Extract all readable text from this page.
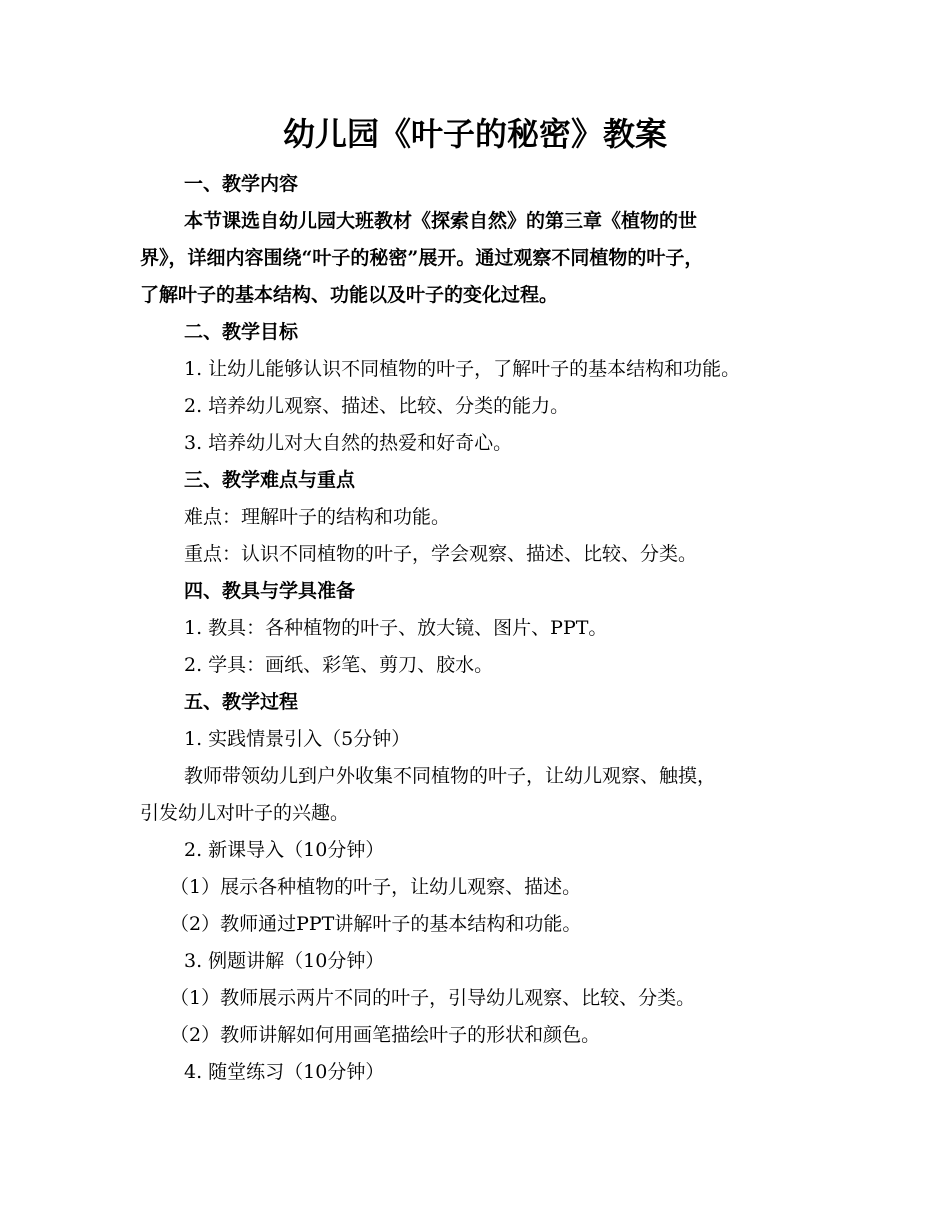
幼儿园《叶子的秘密》教案

一、教学内容

本节课选自幼儿园大班教材《探索自然》的第三章《植物的世

界》，详细内容围绕“叶子的秘密”展开。通过观察不同植物的叶子，

了解叶子的基本结构、功能以及叶子的变化过程。

二、教学目标

1. 让幼儿能够认识不同植物的叶子，了解叶子的基本结构和功能。

2. 培养幼儿观察、描述、比较、分类的能力。

3. 培养幼儿对大自然的热爱和好奇心。

三、教学难点与重点

难点：理解叶子的结构和功能。

重点：认识不同植物的叶子，学会观察、描述、比较、分类。

四、教具与学具准备

1. 教具：各种植物的叶子、放大镜、图片、PPT。

2. 学具：画纸、彩笔、剪刀、胶水。

五、教学过程

1. 实践情景引入（5分钟）

教师带领幼儿到户外收集不同植物的叶子，让幼儿观察、触摸，

引发幼儿对叶子的兴趣。

2. 新课导入（10分钟）

（1）展示各种植物的叶子，让幼儿观察、描述。

（2）教师通过PPT讲解叶子的基本结构和功能。

3. 例题讲解（10分钟）

（1）教师展示两片不同的叶子，引导幼儿观察、比较、分类。

（2）教师讲解如何用画笔描绘叶子的形状和颜色。

4. 随堂练习（10分钟）
